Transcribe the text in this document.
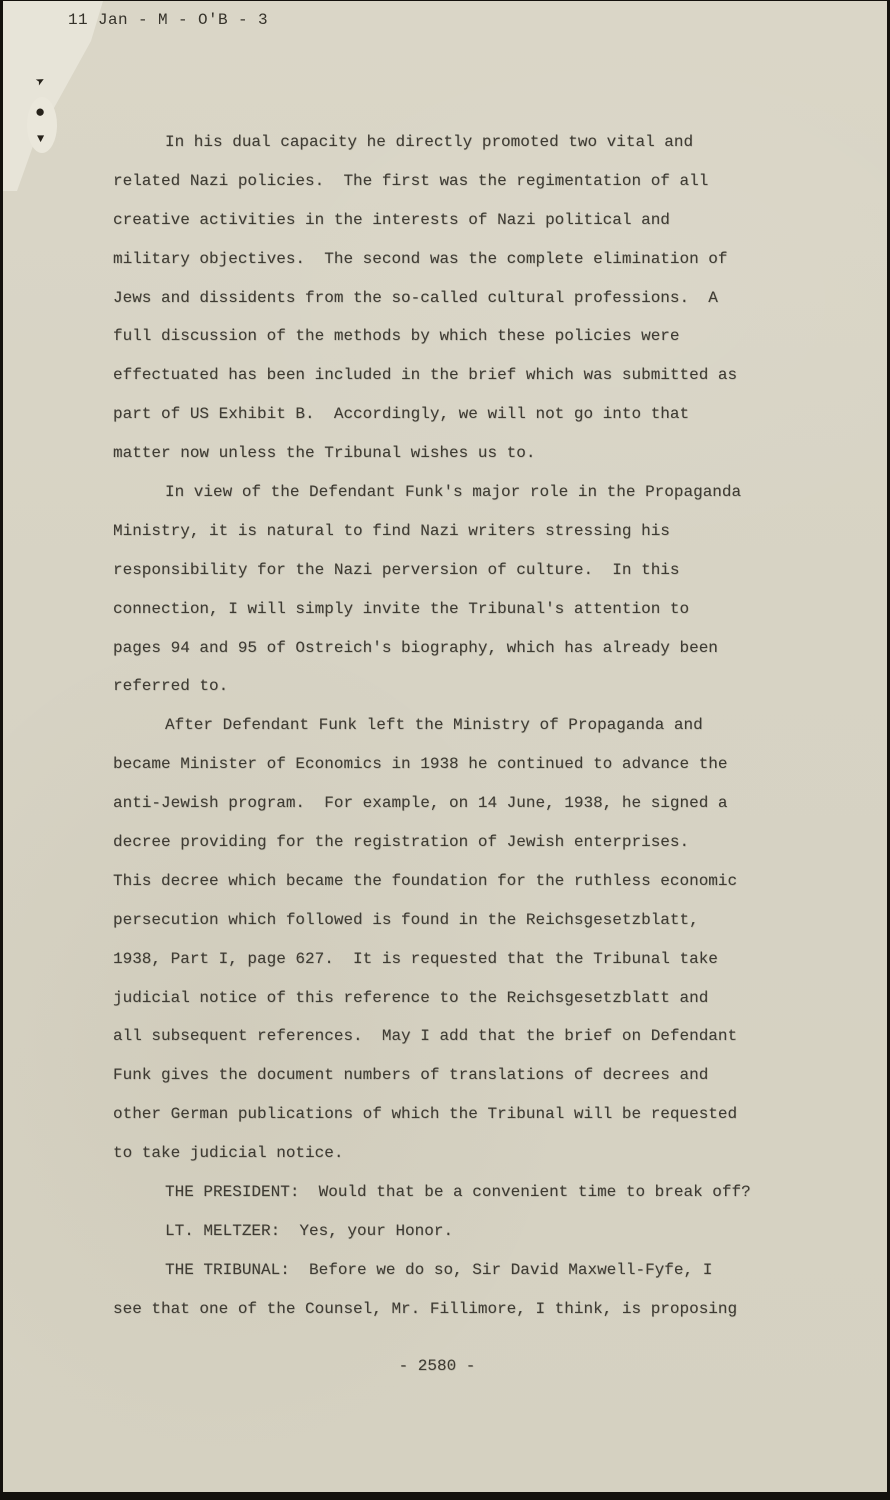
➤
●
▼
11 Jan - M - O'B - 3
In his dual capacity he directly promoted two vital and
related Nazi policies.  The first was the regimentation of all
creative activities in the interests of Nazi political and
military objectives.  The second was the complete elimination of
Jews and dissidents from the so-called cultural professions.  A
full discussion of the methods by which these policies were
effectuated has been included in the brief which was submitted as
part of US Exhibit B.  Accordingly, we will not go into that
matter now unless the Tribunal wishes us to.
In view of the Defendant Funk's major role in the Propaganda
Ministry, it is natural to find Nazi writers stressing his
responsibility for the Nazi perversion of culture.  In this
connection, I will simply invite the Tribunal's attention to
pages 94 and 95 of Ostreich's biography, which has already been
referred to.
After Defendant Funk left the Ministry of Propaganda and
became Minister of Economics in 1938 he continued to advance the
anti-Jewish program.  For example, on 14 June, 1938, he signed a
decree providing for the registration of Jewish enterprises.
This decree which became the foundation for the ruthless economic
persecution which followed is found in the Reichsgesetzblatt,
1938, Part I, page 627.  It is requested that the Tribunal take
judicial notice of this reference to the Reichsgesetzblatt and
all subsequent references.  May I add that the brief on Defendant
Funk gives the document numbers of translations of decrees and
other German publications of which the Tribunal will be requested
to take judicial notice.
THE PRESIDENT:  Would that be a convenient time to break off?
LT. MELTZER:  Yes, your Honor.
THE TRIBUNAL:  Before we do so, Sir David Maxwell-Fyfe, I
see that one of the Counsel, Mr. Fillimore, I think, is proposing
- 2580 -
